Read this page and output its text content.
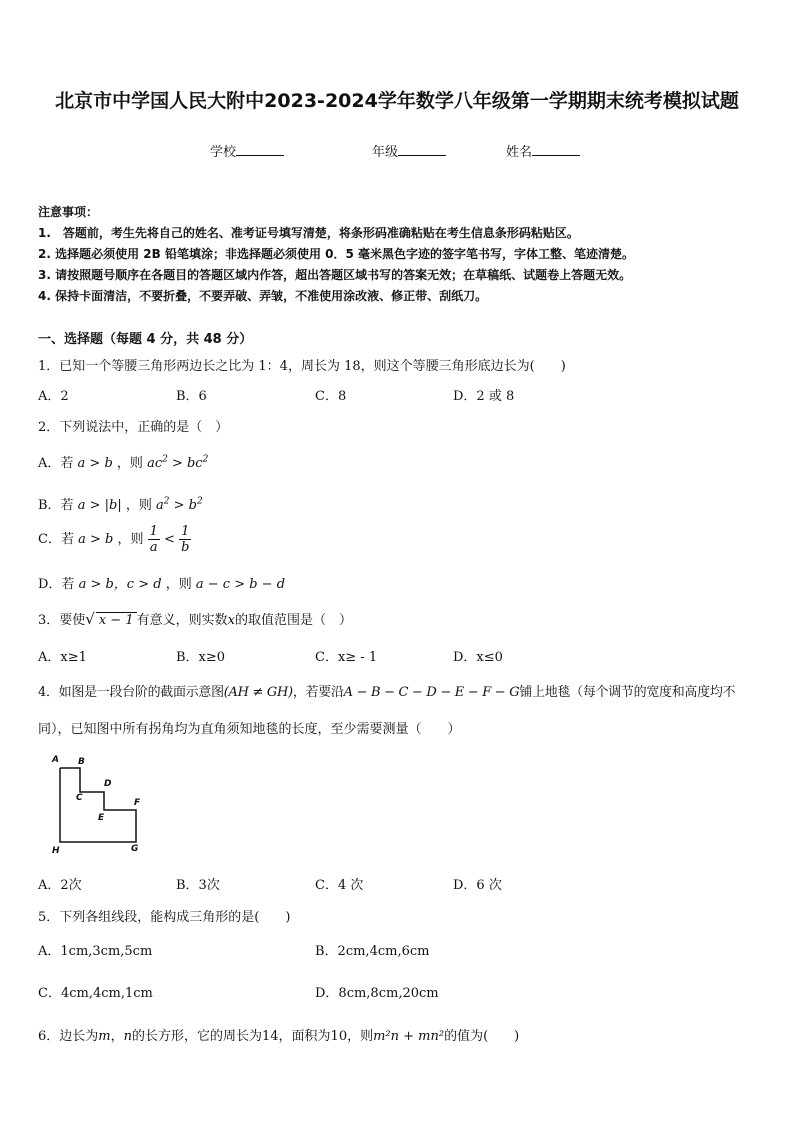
北京市中学国人民大附中2023-2024学年数学八年级第一学期期末统考模拟试题
学校	年级	姓名
注意事项：
1.　答题前，考生先将自己的姓名、准考证号填写清楚，将条形码准确粘贴在考生信息条形码粘贴区。
2. 选择题必须使用 2B 铅笔填涂；非选择题必须使用 0．5 毫米黑色字迹的签字笔书写，字体工整、笔迹清楚。
3. 请按照题号顺序在各题目的答题区域内作答，超出答题区域书写的答案无效；在草稿纸、试题卷上答题无效。
4. 保持卡面清洁，不要折叠，不要弄破、弄皱，不准使用涂改液、修正带、刮纸刀。
一、选择题（每题 4 分，共 48 分）
1．已知一个等腰三角形两边长之比为 1：4，周长为 18，则这个等腰三角形底边长为(　　)
A．2	B．6	C．8	D．2 或 8
2．下列说法中，正确的是（　）
A．若 a > b ，则 $ac^2 > bc^2$
B．若 a > |b| ，则 $a^2 > b^2$
C．若 a > b ，则 $\frac{1}{a} < \frac{1}{b}$
D．若 a > b，c > d ，则 a − c > b − d
3．要使√ x − 1 有意义，则实数x的取值范围是（　）
A．x≥1	B．x≥0	C．x≥ - 1	D．x≤0
4．如图是一段台阶的截面示意图(AH ≠ GH)，若要沿A − B − C − D − E − F − G铺上地毯（每个调节的宽度和高度均不
同），已知图中所有拐角均为直角须知地毯的长度，至少需要测量（　　）
A B
C
D
E
F
H	G
A．2次	B．3次	C．4 次	D．6 次
5．下列各组线段，能构成三角形的是(　　)
A．1cm,3cm,5cm	B．2cm,4cm,6cm
C．4cm,4cm,1cm	D．8cm,8cm,20cm
6．边长为m，n的长方形，它的周长为14，面积为10，则m²n + mn²的值为(　　)
